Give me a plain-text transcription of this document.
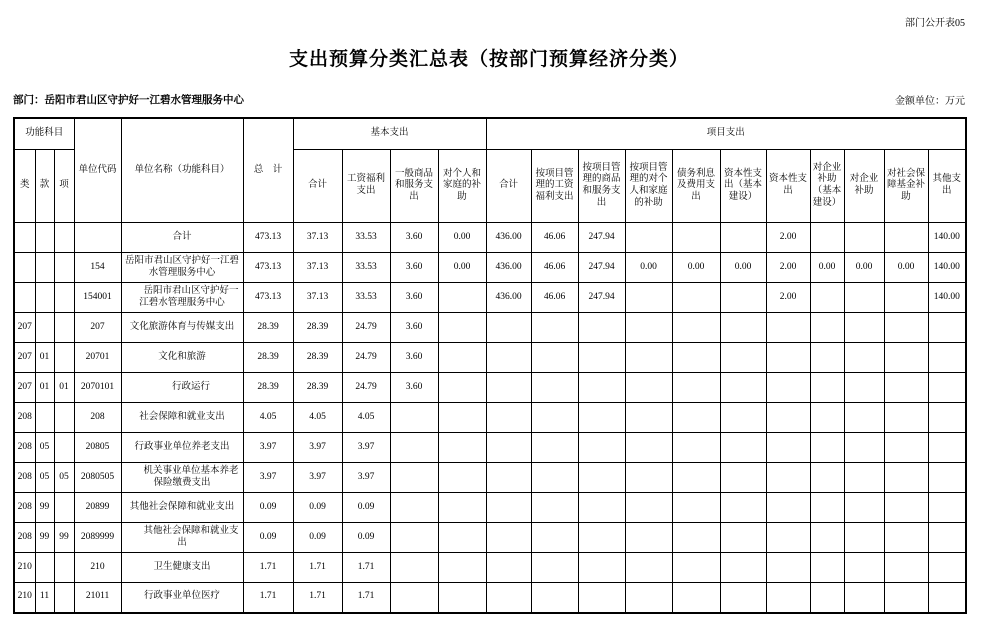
部门公开表05
支出预算分类汇总表（按部门预算经济分类）
部门：岳阳市君山区守护好一江碧水管理服务中心	金额单位：万元
功能科目			单位代码	单位名称（功能科目）	总　计	基本支出				项目支出										
类	款	项				合计	工资福利支出	一般商品和服务支出	对个人和家庭的补助	合计	按项目管理的工资福利支出	按项目管理的商品和服务支出	按项目管理的对个人和家庭的补助	债务利息及费用支出	资本性支出（基本建设）	资本性支出	对企业补助（基本建设）	对企业补助	对社会保障基金补助	其他支出
				合计	473.13	37.13	33.53	3.60	0.00	436.00	46.06	247.94				2.00				140.00
			154	岳阳市君山区守护好一江碧水管理服务中心	473.13	37.13	33.53	3.60	0.00	436.00	46.06	247.94	0.00	0.00	0.00	2.00	0.00	0.00	0.00	140.00
			154001	岳阳市君山区守护好一江碧水管理服务中心	473.13	37.13	33.53	3.60		436.00	46.06	247.94				2.00				140.00
207			207	文化旅游体育与传媒支出	28.39	28.39	24.79	3.60												
207	01		20701	文化和旅游	28.39	28.39	24.79	3.60												
207	01	01	2070101	行政运行	28.39	28.39	24.79	3.60												
208			208	社会保障和就业支出	4.05	4.05	4.05													
208	05		20805	行政事业单位养老支出	3.97	3.97	3.97													
208	05	05	2080505	机关事业单位基本养老保险缴费支出	3.97	3.97	3.97													
208	99		20899	其他社会保障和就业支出	0.09	0.09	0.09													
208	99	99	2089999	其他社会保障和就业支出	0.09	0.09	0.09													
210			210	卫生健康支出	1.71	1.71	1.71													
210	11		21011	行政事业单位医疗	1.71	1.71	1.71													
